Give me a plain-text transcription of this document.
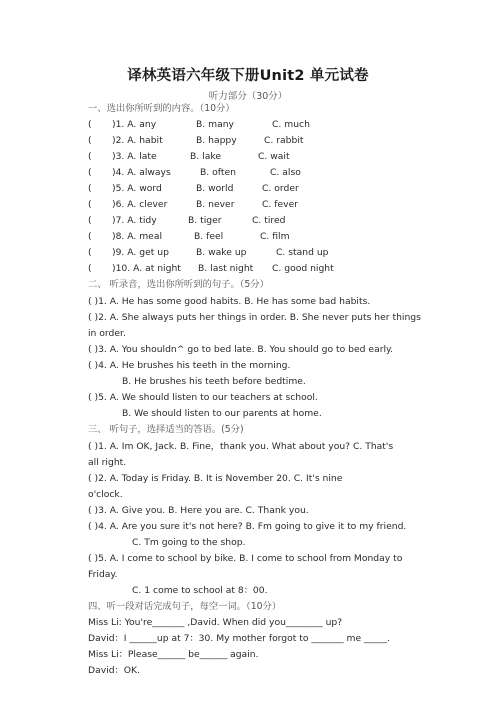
译林英语六年级下册Unit2 单元试卷
听力部分（30分）
一、选出你所听到的内容。（10分）
( )1. A. any	B. many	C. much
( )2. A. habit	B. happy	C. rabbit
( )3. A. late	B. lake	C. wait
( )4. A. always	B. often	C. also
( )5. A. word	B. world	C. order
( )6. A. clever	B. never	C. fever
( )7. A. tidy	B. tiger	C. tired
( )8. A. meal	B. feel	C. film
( )9. A. get up	B. wake up	C. stand up
( )10. A. at night B. last night C. good night
二、 听录音，选出你所听到的句子。（5分）
( )1. A. He has some good habits. B. He has some bad habits.
( )2. A. She always puts her things in order. B. She never puts her things
in order.
( )3. A. You shouldn^ go to bed late. B. You should go to bed early.
( )4. A. He brushes his teeth in the morning.
B. He brushes his teeth before bedtime.
( )5. A. We should listen to our teachers at school.
B. We should listen to our parents at home.
三、 听句子，选择适当的答语。(5分)
( )1. A. Im OK, Jack. B. Fine，thank you. What about you? C. That's
all right.
( )2. A. Today is Friday. B. It is November 20. C. It's nine
o'clock.
( )3. A. Give you. B. Here you are. C. Thank you.
( )4. A. Are you sure it's not here? B. Fm going to give it to my friend.
C. Tm going to the shop.
( )5. A. I come to school by bike. B. I come to school from Monday to
Friday.
C. 1 come to school at 8：00.
四、听一段对话完成句子，每空一词。（10分）
Miss Li: You're_______ ,David. When did you________ up?
David：I ______up at 7：30. My mother forgot to _______ me _____.
Miss Li：Please______ be______ again.
David：OK.
